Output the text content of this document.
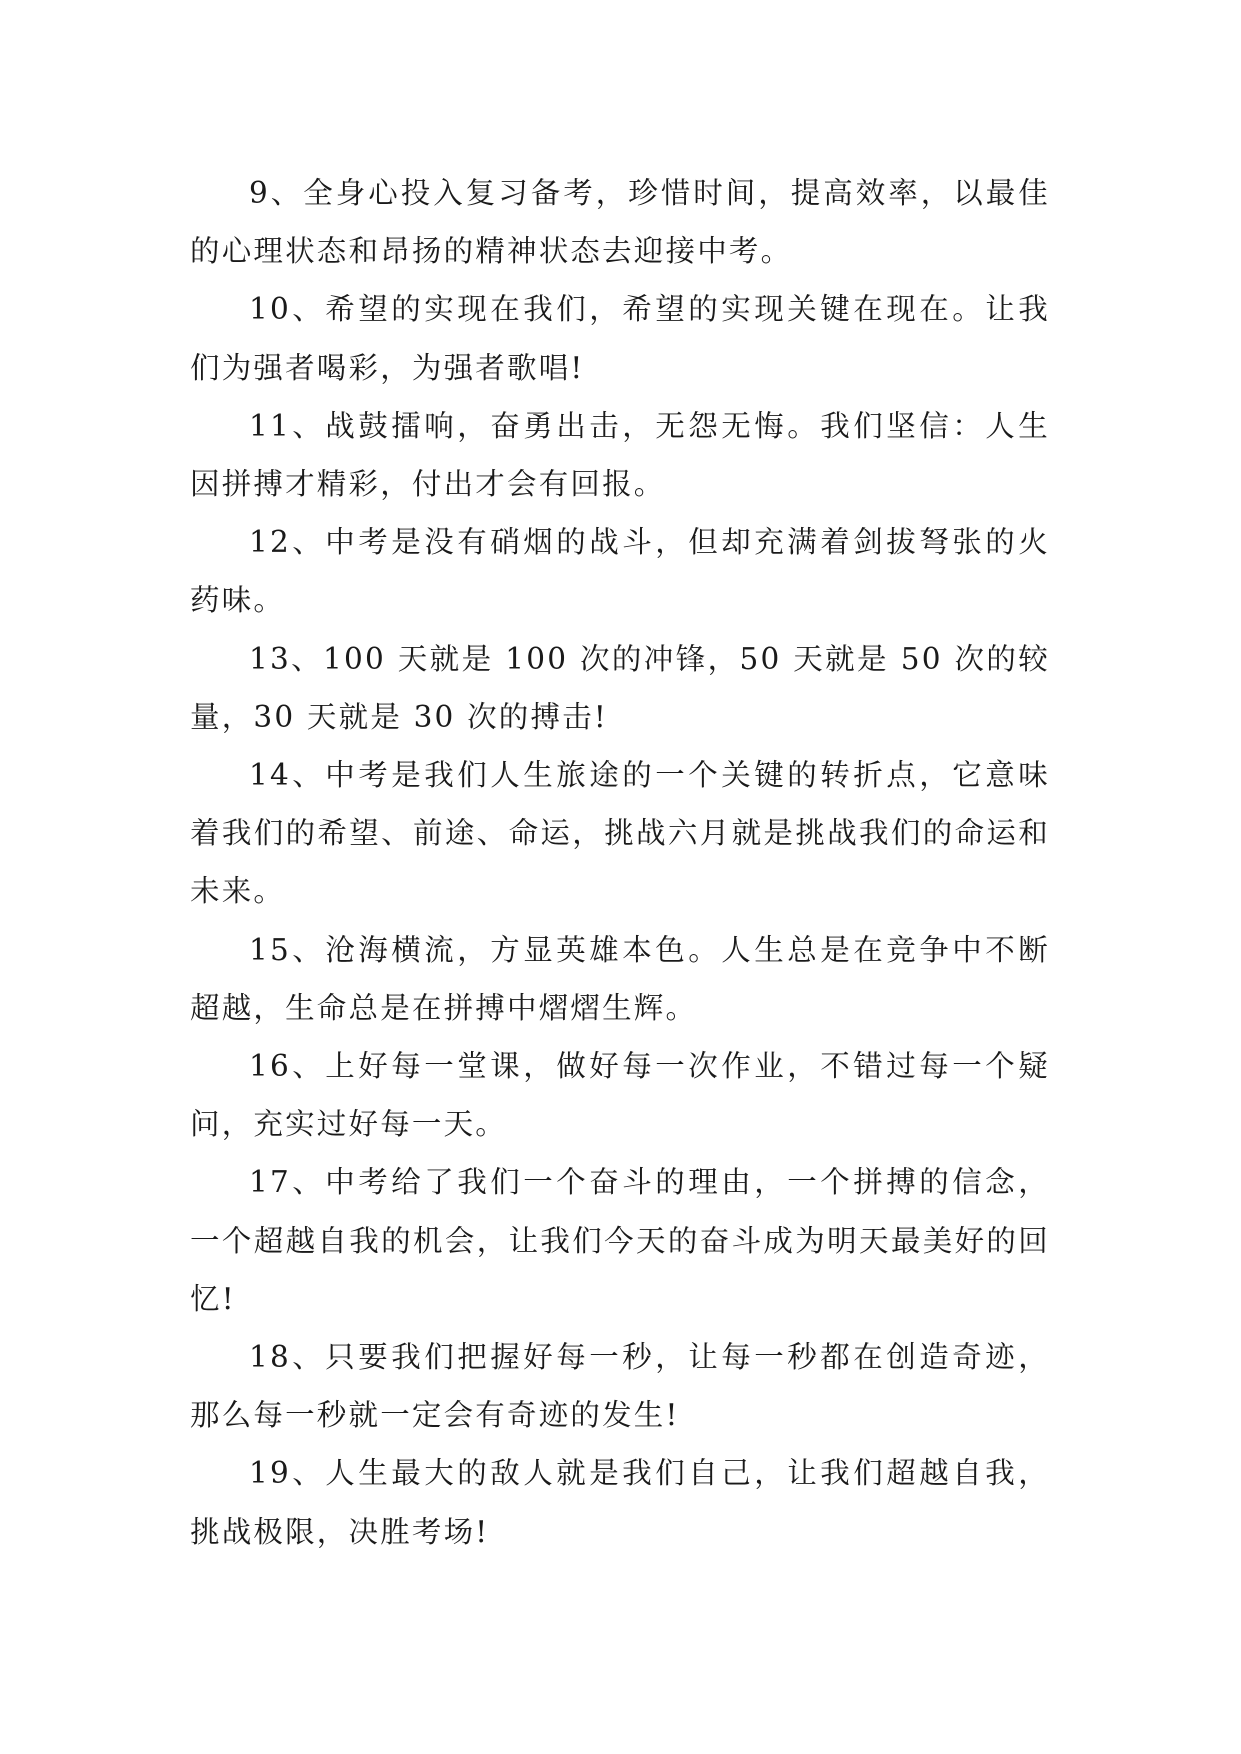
9、全身心投入复习备考，珍惜时间，提高效率，以最佳的心理状态和昂扬的精神状态去迎接中考。

10、希望的实现在我们，希望的实现关键在现在。让我们为强者喝彩，为强者歌唱!

11、战鼓擂响，奋勇出击，无怨无悔。我们坚信：人生因拼搏才精彩，付出才会有回报。

12、中考是没有硝烟的战斗，但却充满着剑拔弩张的火药味。

13、100 天就是 100 次的冲锋，50 天就是 50 次的较量，30 天就是 30 次的搏击!

14、中考是我们人生旅途的一个关键的转折点，它意味着我们的希望、前途、命运，挑战六月就是挑战我们的命运和未来。

15、沧海横流，方显英雄本色。人生总是在竞争中不断超越，生命总是在拼搏中熠熠生辉。

16、上好每一堂课，做好每一次作业，不错过每一个疑问，充实过好每一天。

17、中考给了我们一个奋斗的理由，一个拼搏的信念，一个超越自我的机会，让我们今天的奋斗成为明天最美好的回忆!

18、只要我们把握好每一秒，让每一秒都在创造奇迹，那么每一秒就一定会有奇迹的发生!

19、人生最大的敌人就是我们自己，让我们超越自我，挑战极限，决胜考场!
